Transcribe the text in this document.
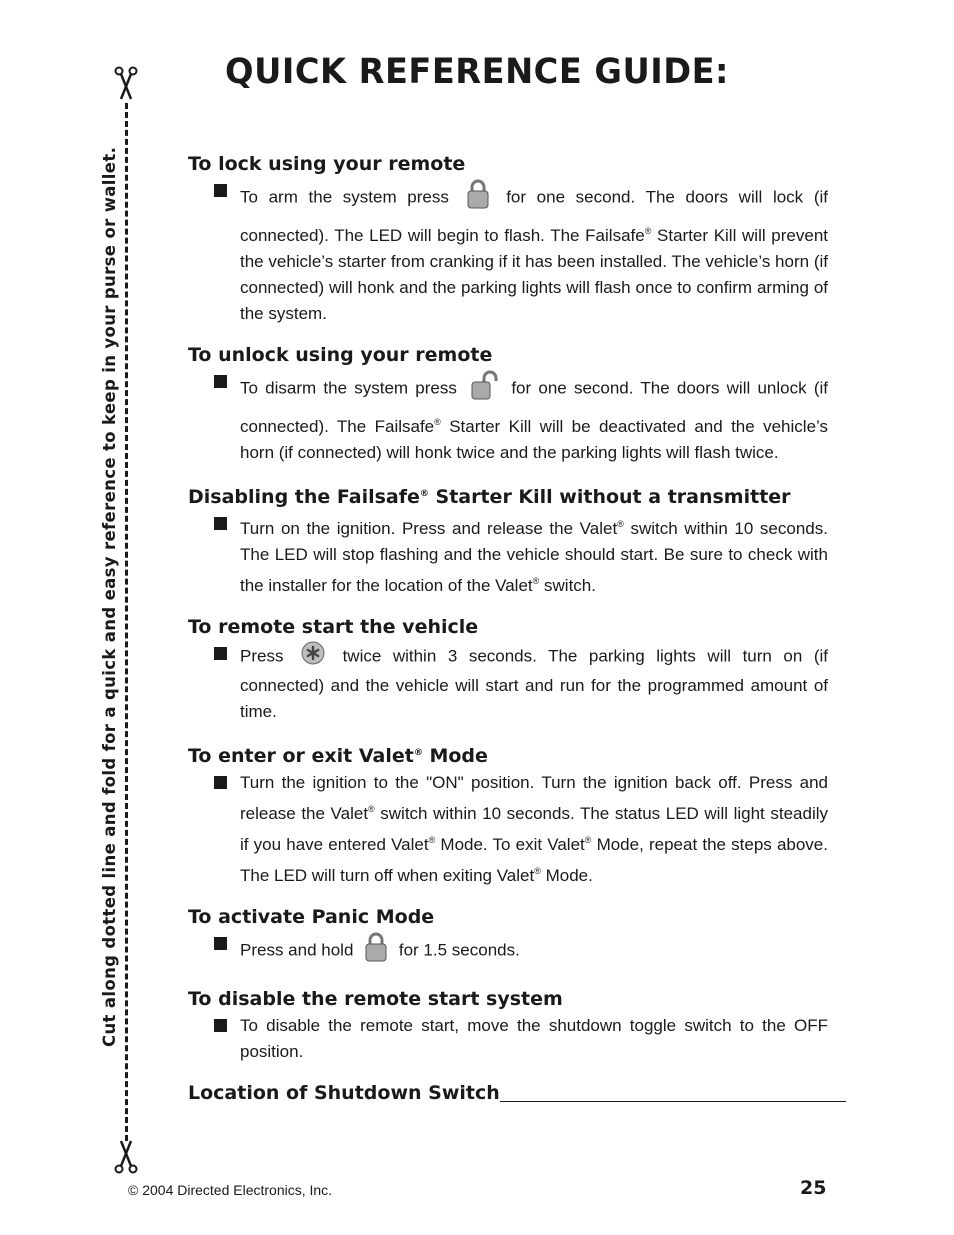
QUICK REFERENCE GUIDE:
Cut along dotted line and fold for a quick and easy reference to keep in your purse or wallet.	To lock using your remote
To arm the system press	for one second. The doors will lock (if connected). The LED will begin to flash. The Failsafe® Starter Kill will prevent the vehicle’s starter from cranking if it has been installed. The vehicle’s horn (if connected) will honk and the parking lights will flash once to confirm arming of the system.
To unlock using your remote
To disarm the system press	for one second. The doors will unlock (if connected). The Failsafe® Starter Kill will be deactivated and the vehicle’s horn (if connected) will honk twice and the parking lights will flash twice.
Disabling the Failsafe® Starter Kill without a transmitter
Turn on the ignition. Press and release the Valet® switch within 10 seconds. The LED will stop flashing and the vehicle should start. Be sure to check with the installer for the location of the Valet® switch.
To remote start the vehicle
Press	twice within 3 seconds. The parking lights will turn on (if connected) and the vehicle will start and run for the programmed amount of time.
To enter or exit Valet® Mode
Turn the ignition to the "ON" position. Turn the ignition back off. Press and release the Valet® switch within 10 seconds. The status LED will light steadily if you have entered Valet® Mode. To exit Valet® Mode, repeat the steps above. The LED will turn off when exiting Valet® Mode.
To activate Panic Mode
Press and hold	for 1.5 seconds.
To disable the remote start system
To disable the remote start, move the shutdown toggle switch to the OFF position.
Location of Shutdown Switch
© 2004 Directed Electronics, Inc.	25
